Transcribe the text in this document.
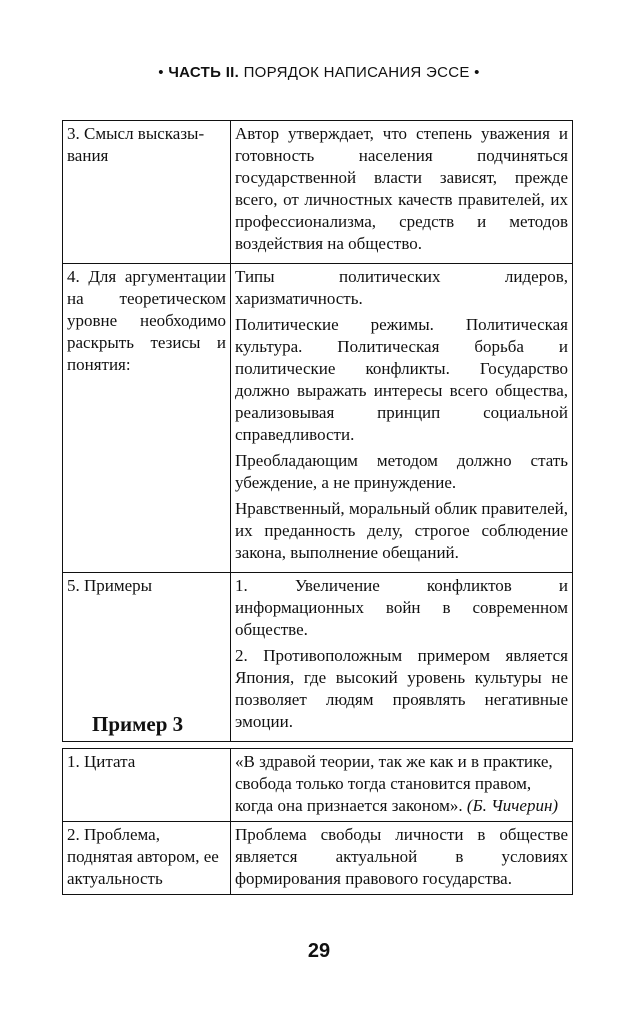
• ЧАСТЬ II. ПОРЯДОК НАПИСАНИЯ ЭССЕ •
3. Смысл высказы-вания	Автор утверждает, что степень уважения и готовность населения подчиняться государственной власти зависят, прежде всего, от личностных качеств правителей, их профессионализма, средств и методов воздействия на общество.

4. Для аргументации на теоретическом уровне необходимо раскрыть тезисы и понятия:	Типы политических лидеров, харизматичность.
Политические режимы. Политическая культура. Политическая борьба и политические конфликты. Государство должно выражать интересы всего общества, реализовывая принцип социальной справедливости.
Преобладающим методом должно стать убеждение, а не принуждение.
Нравственный, моральный облик правителей, их преданность делу, строгое соблюдение закона, выполнение обещаний.

5. Примеры	1. Увеличение конфликтов и информационных войн в современном обществе.
2. Противоположным примером является Япония, где высокий уровень культуры не позволяет людям проявлять негативные эмоции.
Пример 3
1. Цитата	«В здравой теории, так же как и в практике, свобода только тогда становится правом, когда она признается законом». (Б. Чичерин)
2. Проблема, поднятая автором, ее актуальность	Проблема свободы личности в обществе является актуальной в условиях формирования правового государства.
29
